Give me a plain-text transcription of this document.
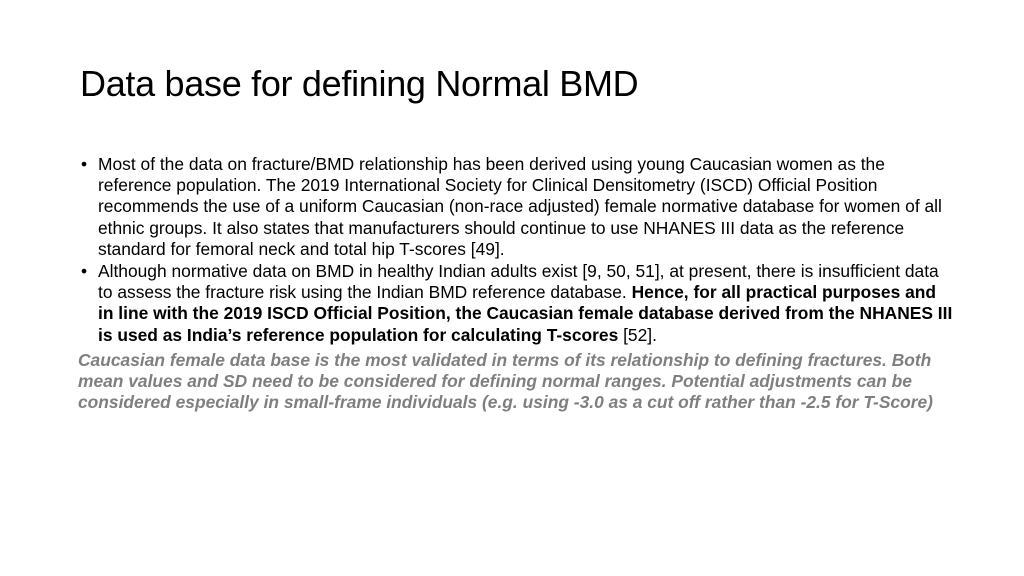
Data base for defining Normal BMD
• Most of the data on fracture/BMD relationship has been derived using young Caucasian women as the reference population. The 2019 International Society for Clinical Densitometry (ISCD) Official Position recommends the use of a uniform Caucasian (non-race adjusted) female normative database for women of all ethnic groups. It also states that manufacturers should continue to use NHANES III data as the reference standard for femoral neck and total hip T-scores [49].
• Although normative data on BMD in healthy Indian adults exist [9, 50, 51], at present, there is insufficient data to assess the fracture risk using the Indian BMD reference database. Hence, for all practical purposes and in line with the 2019 ISCD Official Position, the Caucasian female database derived from the NHANES III is used as India’s reference population for calculating T-scores [52].
Caucasian female data base is the most validated in terms of its relationship to defining fractures. Both mean values and SD need to be considered for defining normal ranges. Potential adjustments can be considered especially in small-frame individuals (e.g. using -3.0 as a cut off rather than -2.5 for T-Score)
